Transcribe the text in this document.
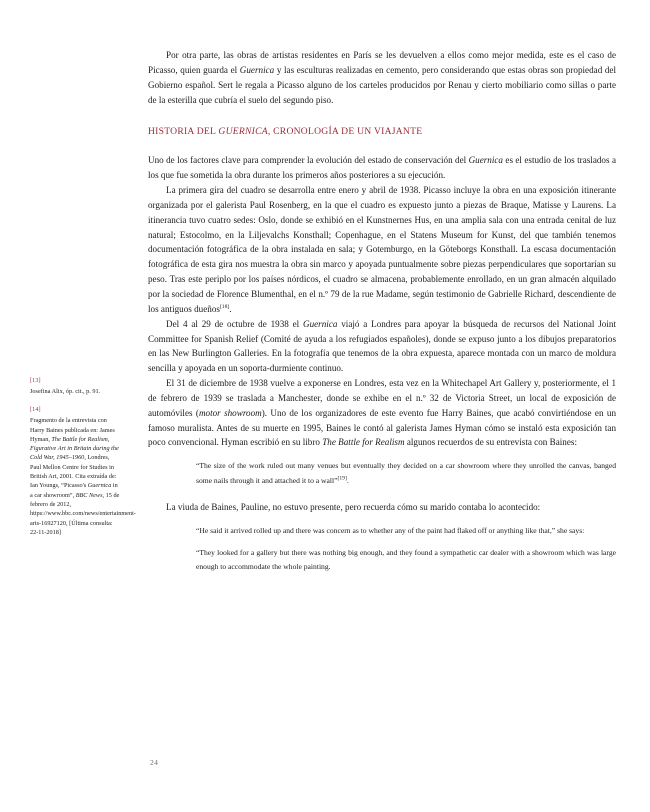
[13]
Josefina Alix, óp. cit., p. 91.
[14]
Fragmento de la entrevista con Harry Baines publicada en: James Hyman, The Battle for Realism, Figurative Art in Britain during the Cold War, 1945–1960, Londres, Paul Mellon Centre for Studies in British Art, 2001. Cita extraída de: Ian Youngs, “Picasso's Guernica in a car showroom”, BBC News, 15 de febrero de 2012, https://www.bbc.com/news/entertainment-arts-16927120, [Última consulta: 22-11-2018]

Por otra parte, las obras de artistas residentes en París se les devuelven a ellos como mejor medida, este es el caso de Picasso, quien guarda el Guernica y las esculturas realizadas en cemento, pero considerando que estas obras son propiedad del Gobierno español. Sert le regala a Picasso alguno de los carteles producidos por Renau y cierto mobiliario como sillas o parte de la esterilla que cubría el suelo del segundo piso.

HISTORIA DEL GUERNICA, CRONOLOGÍA DE UN VIAJANTE

Uno de los factores clave para comprender la evolución del estado de conservación del Guernica es el estudio de los traslados a los que fue sometida la obra durante los primeros años posteriores a su ejecución.

La primera gira del cuadro se desarrolla entre enero y abril de 1938. Picasso incluye la obra en una exposición itinerante organizada por el galerista Paul Rosenberg, en la que el cuadro es expuesto junto a piezas de Braque, Matisse y Laurens. La itinerancia tuvo cuatro sedes: Oslo, donde se exhibió en el Kunstnernes Hus, en una amplia sala con una entrada cenital de luz natural; Estocolmo, en la Liljevalchs Konsthall; Copenhague, en el Statens Museum for Kunst, del que también tenemos documentación fotográfica de la obra instalada en sala; y Gotemburgo, en la Göteborgs Konsthall. La escasa documentación fotográfica de esta gira nos muestra la obra sin marco y apoyada puntualmente sobre piezas perpendiculares que soportarían su peso. Tras este periplo por los países nórdicos, el cuadro se almacena, probablemente enrollado, en un gran almacén alquilado por la sociedad de Florence Blumenthal, en el n.º 79 de la rue Madame, según testimonio de Gabrielle Richard, descendiente de los antiguos dueños[18].

Del 4 al 29 de octubre de 1938 el Guernica viajó a Londres para apoyar la búsqueda de recursos del National Joint Committee for Spanish Relief (Comité de ayuda a los refugiados españoles), donde se expuso junto a los dibujos preparatorios en las New Burlington Galleries. En la fotografía que tenemos de la obra expuesta, aparece montada con un marco de moldura sencilla y apoyada en un soporta-durmiente continuo.

El 31 de diciembre de 1938 vuelve a exponerse en Londres, esta vez en la Whitechapel Art Gallery y, posteriormente, el 1 de febrero de 1939 se traslada a Manchester, donde se exhibe en el n.º 32 de Victoria Street, un local de exposición de automóviles (motor showroom). Uno de los organizadores de este evento fue Harry Baines, que acabó convirtiéndose en un famoso muralista. Antes de su muerte en 1995, Baines le contó al galerista James Hyman cómo se instaló esta exposición tan poco convencional. Hyman escribió en su libro The Battle for Realism algunos recuerdos de su entrevista con Baines:

“The size of the work ruled out many venues but eventually they decided on a car showroom where they unrolled the canvas, banged some nails through it and attached it to a wall”[19].

La viuda de Baines, Pauline, no estuvo presente, pero recuerda cómo su marido contaba lo acontecido:

“He said it arrived rolled up and there was concern as to whether any of the paint had flaked off or anything like that,” she says:
“They looked for a gallery but there was nothing big enough, and they found a sympathetic car dealer with a showroom which was large enough to accommodate the whole painting.
24
